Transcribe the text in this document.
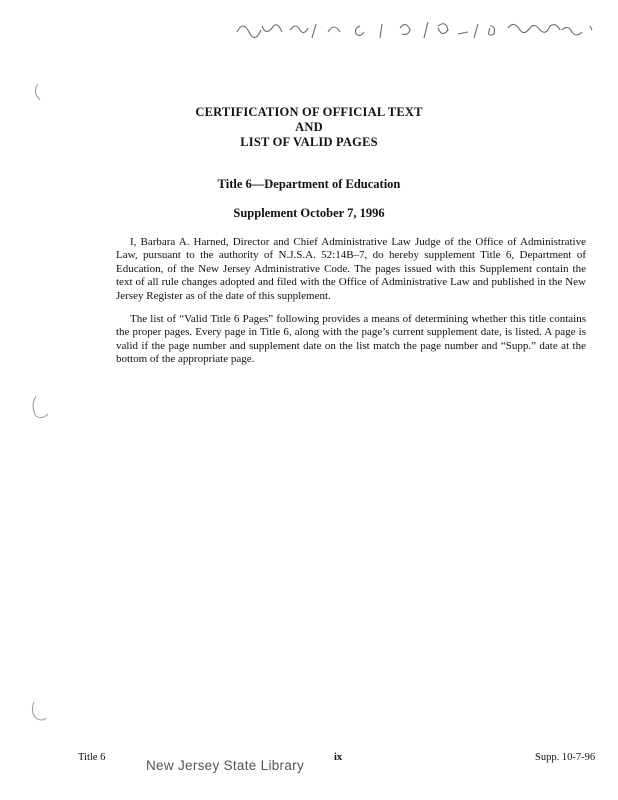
CERTIFICATION OF OFFICIAL TEXT
AND
LIST OF VALID PAGES
Title 6—Department of Education
Supplement October 7, 1996
I, Barbara A. Harned, Director and Chief Administrative Law Judge of the Office of Administrative Law, pursuant to the authority of N.J.S.A. 52:14B–7, do hereby supplement Title 6, Department of Education, of the New Jersey Administrative Code. The pages issued with this Supplement contain the text of all rule changes adopted and filed with the Office of Administrative Law and published in the New Jersey Register as of the date of this supplement.
The list of “Valid Title 6 Pages” following provides a means of determining whether this title contains the proper pages. Every page in Title 6, along with the page’s current supplement date, is listed. A page is valid if the page number and supplement date on the list match the page number and “Supp.” date at the bottom of the appropriate page.
Title 6
New Jersey State Library
ix	Supp. 10-7-96
